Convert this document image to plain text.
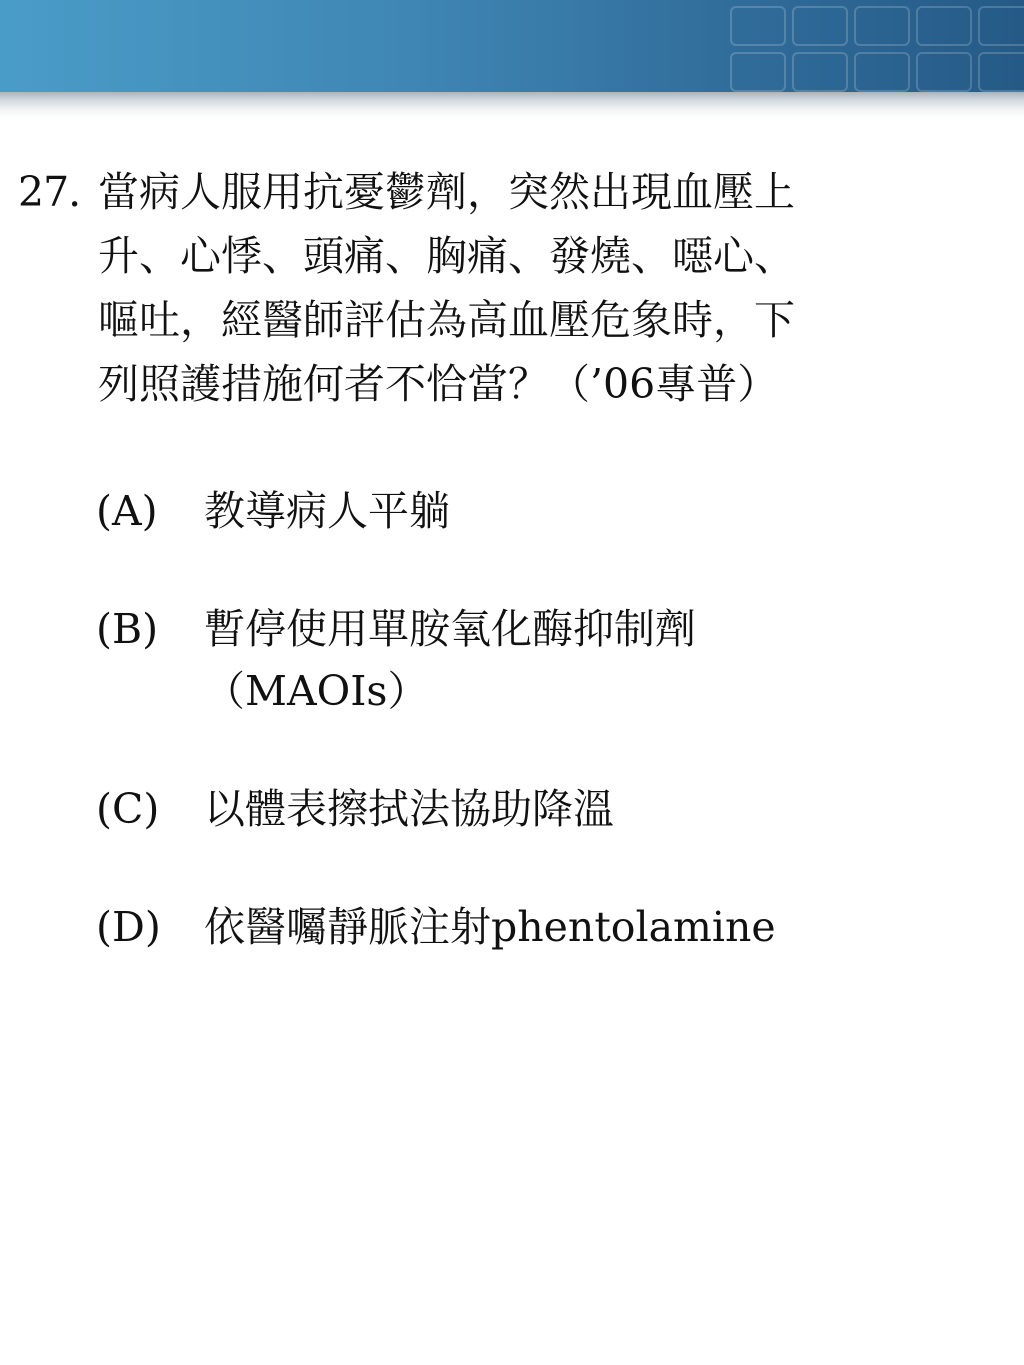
27. 當病人服用抗憂鬱劑，突然出現血壓上
升、心悸、頭痛、胸痛、發燒、噁心、
嘔吐，經醫師評估為高血壓危象時，下
列照護措施何者不恰當？（’06專普）
(A)	教導病人平躺
(B)	暫停使用單胺氧化酶抑制劑
（MAOIs）
(C)	以體表擦拭法協助降溫
(D)	依醫囑靜脈注射phentolamine
